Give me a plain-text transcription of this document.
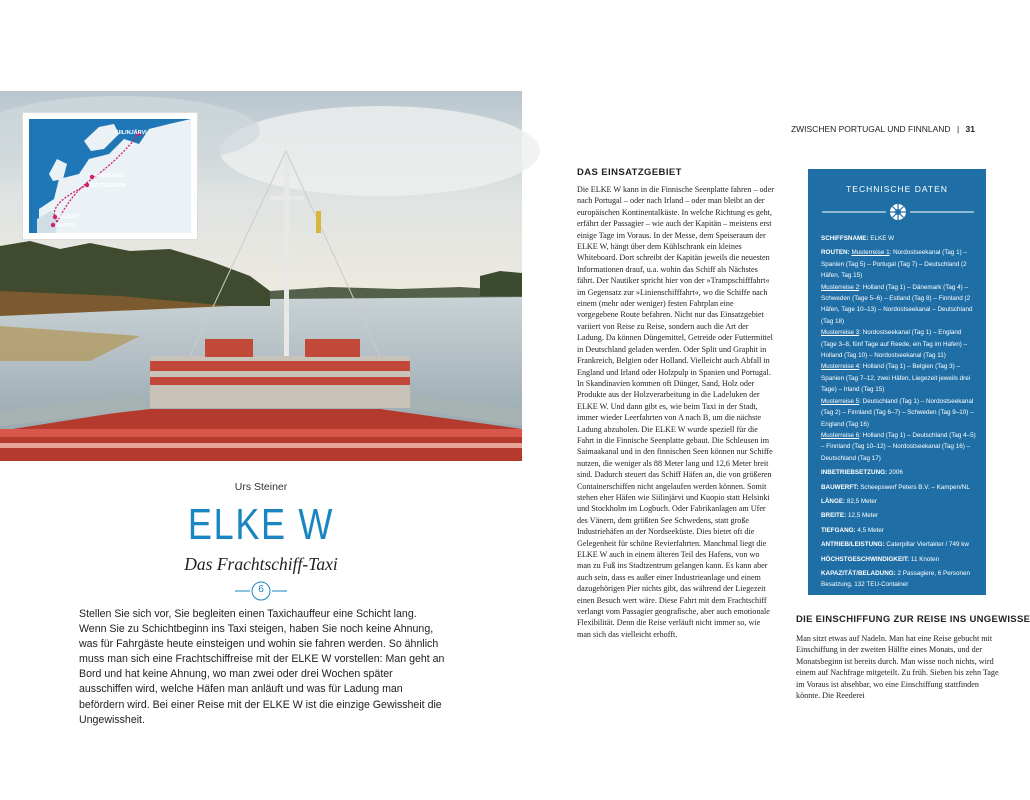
SIILINJÄRVI
HAMBURG
ROTTERDAM
BILBAO
PORTO
Urs Steiner
ELKE W
Das Frachtschiff-Taxi
6
Stellen Sie sich vor, Sie begleiten einen Taxichauffeur eine Schicht lang. Wenn Sie zu Schichtbeginn ins Taxi steigen, haben Sie noch keine Ahnung, was für Fahrgäste heute einsteigen und wohin sie fahren werden. So ähnlich muss man sich eine Frachtschiffreise mit der ELKE W vorstellen: Man geht an Bord und hat keine Ahnung, wo man zwei oder drei Wochen später ausschiffen wird, welche Häfen man anläuft und was für Ladung man befördern wird. Bei einer Reise mit der ELKE W ist die einzige Gewissheit die Ungewissheit.
ZWISCHEN PORTUGAL UND FINNLAND | 31
DAS EINSATZGEBIET
Die ELKE W kann in die Finnische Seenplatte fahren – oder nach Portugal – oder nach Irland – oder man bleibt an der europäischen Kontinentalküste. In welche Richtung es geht, erfährt der Passagier – wie auch der Kapitän – meistens erst einige Tage im Voraus. In der Messe, dem Speiseraum der ELKE W, hängt über dem Kühlschrank ein kleines Whiteboard. Dort schreibt der Kapitän jeweils die neuesten Informationen drauf, u.a. wohin das Schiff als Nächstes fährt. Der Nautiker spricht hier von der »Trampschifffahrt« im Gegensatz zur »Linienschifffahrt«, wo die Schiffe nach einem (mehr oder weniger) festen Fahrplan eine vorgegebene Route befahren. Nicht nur das Einsatzgebiet variiert von Reise zu Reise, sondern auch die Art der Ladung. Da können Düngemittel, Getreide oder Futtermittel in Deutschland geladen werden. Oder Split und Graphit in Frankreich, Belgien oder Holland. Vielleicht auch Abfall in England und Irland oder Holzpulp in Spanien und Portugal. In Skandinavien kommen oft Dünger, Sand, Holz oder Produkte aus der Holzverarbeitung in die Ladeluken der ELKE W. Und dann gibt es, wie beim Taxi in der Stadt, immer wieder Leerfahrten von A nach B, um die nächste Ladung abzuholen. Die ELKE W wurde speziell für die Fahrt in die Finnische Seenplatte gebaut. Die Schleusen im Saimaakanal und in den finnischen Seen können nur Schiffe nutzen, die weniger als 88 Meter lang und 12,6 Meter breit sind. Dadurch steuert das Schiff Häfen an, die von größeren Containerschiffen nicht angelaufen werden können. Somit stehen eher Häfen wie Siilinjärvi und Kuopio statt Helsinki und Stockholm im Logbuch. Oder Fabrikanlagen am Ufer des Vänern, dem größten See Schwedens, statt große Industriehäfen an der Nordseeküste. Dies bietet oft die Gelegenheit für schöne Revierfahrten. Manchmal liegt die ELKE W auch in einem älteren Teil des Hafens, von wo man zu Fuß ins Stadtzentrum gelangen kann. Es kann aber auch sein, dass es außer einer Industrieanlage und einem dazugehörigen Pier nichts gibt, das während der Liegezeit einen Besuch wert wäre. Diese Fahrt mit dem Frachtschiff verlangt vom Passagier geografische, aber auch emotionale Flexibilität. Denn die Reise verläuft nicht immer so, wie man sich das vielleicht erhofft.
TECHNISCHE DATEN
SCHIFFSNAME: ELKE W
ROUTEN: Musterreise 1: Nordostseekanal (Tag 1) – Spanien (Tag 5) – Portugal (Tag 7) – Deutschland (2 Häfen, Tag 15)
Musterreise 2: Holland (Tag 1) – Dänemark (Tag 4) – Schweden (Tage 5–6) – Estland (Tag 8) – Finnland (2 Häfen, Tage 10–13) – Nordostseekanal – Deutschland (Tag 18)
Musterreise 3: Nordostseekanal (Tag 1) – England (Tage 3–8, fünf Tage auf Reede, ein Tag im Hafen) – Holland (Tag 10) – Nordostseekanal (Tag 11)
Musterreise 4: Holland (Tag 1) – Belgien (Tag 3) – Spanien (Tag 7–12, zwei Häfen, Liegezeit jeweils drei Tage) – Irland (Tag 15)
Musterreise 5: Deutschland (Tag 1) – Nordostseekanal (Tag 2) – Finnland (Tag 6–7) – Schweden (Tag 9–10) – England (Tag 16)
Musterreise 6: Holland (Tag 1) – Deutschland (Tag 4–5) – Finnland (Tag 10–12) – Nordostseekanal (Tag 16) – Deutschland (Tag 17)
INBETRIEBSETZUNG: 2006
BAUWERFT: Scheepswerf Peters B.V. – Kampen/NL
LÄNGE: 82,5 Meter
BREITE: 12,5 Meter
TIEFGANG: 4,5 Meter
ANTRIEB/LEISTUNG: Caterpillar Viertakter / 749 kw
HÖCHSTGESCHWINDIGKEIT: 11 Knoten
KAPAZITÄT/BELADUNG: 2 Passagiere, 6 Personen Besatzung, 132 TEU-Container
DIE EINSCHIFFUNG ZUR REISE INS UNGEWISSE
Man sitzt etwas auf Nadeln. Man hat eine Reise gebucht mit Einschiffung in der zweiten Hälfte eines Monats, und der Monatsbeginn ist bereits durch. Man wisse noch nichts, wird einem auf Nachfrage mitgeteilt. Zu früh. Sieben bis zehn Tage im Voraus ist absehbar, wo eine Einschiffung stattfinden könnte. Die Reederei
